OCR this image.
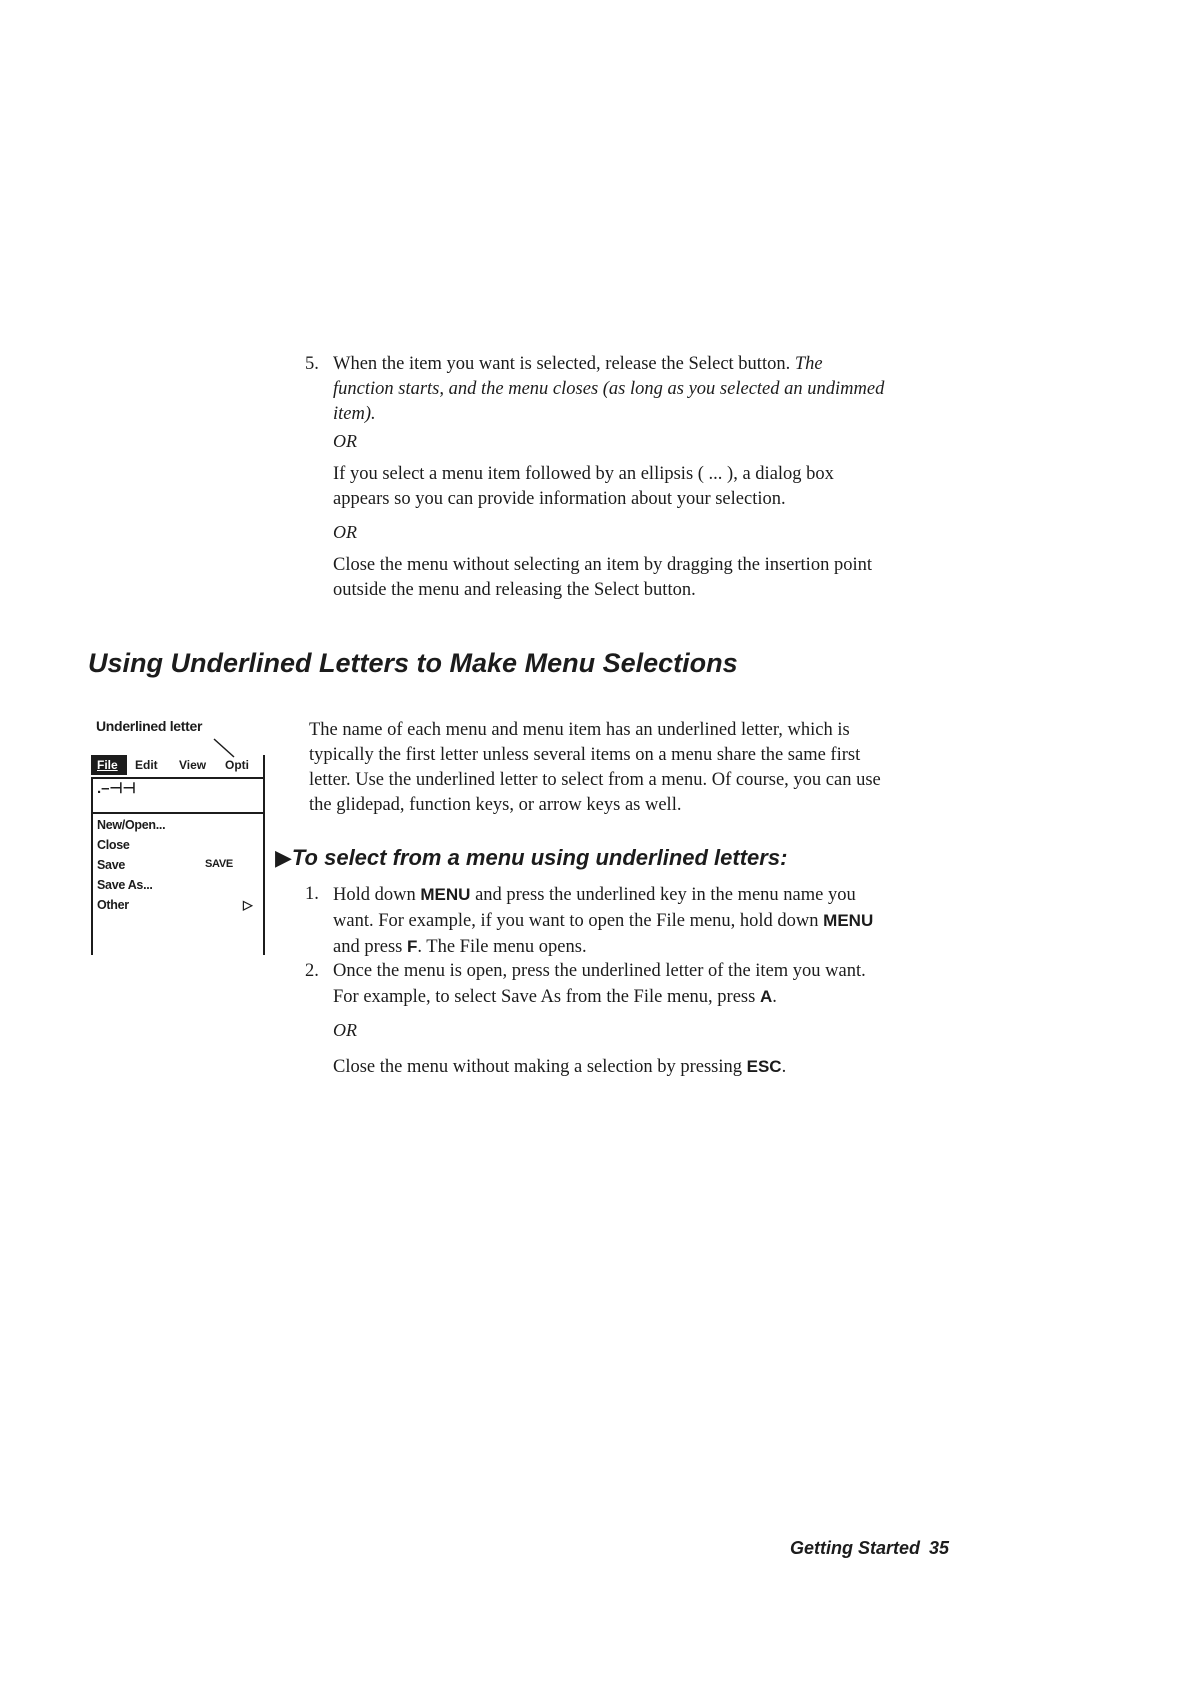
5. When the item you want is selected, release the Select button. The
function starts, and the menu closes (as long as you selected an undimmed
item).
OR
If you select a menu item followed by an ellipsis ( ... ), a dialog box
appears so you can provide information about your selection.
OR
Close the menu without selecting an item by dragging the insertion point
outside the menu and releasing the Select button.
Using Underlined Letters to Make Menu Selections
Underlined letter
File Edit View Opti
.–⊣⊣
New/Open...
Close
Save	SAVE
Save As...
Other	▷
The name of each menu and menu item has an underlined letter, which is
typically the first letter unless several items on a menu share the same first
letter. Use the underlined letter to select from a menu. Of course, you can use
the glidepad, function keys, or arrow keys as well.
▶To select from a menu using underlined letters:
1. Hold down MENU and press the underlined key in the menu name you
want. For example, if you want to open the File menu, hold down MENU
and press F. The File menu opens.
2. Once the menu is open, press the underlined letter of the item you want.
For example, to select Save As from the File menu, press A.
OR
Close the menu without making a selection by pressing ESC.
Getting Started 35
